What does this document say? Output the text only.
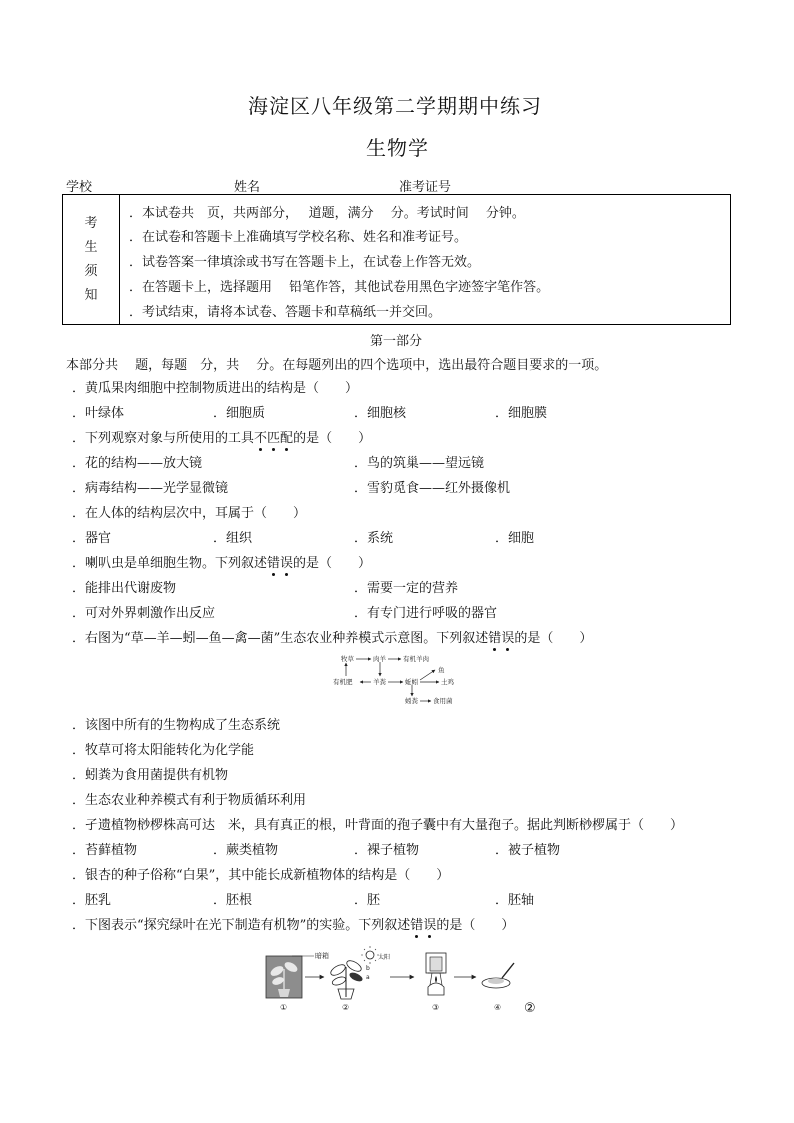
海淀区八年级第二学期期中练习
生物学
学校	姓名	准考证号
考
生
须
知
．本试卷共　页，共两部分，　 道题，满分　 分。考试时间　 分钟。
．在试卷和答题卡上准确填写学校名称、姓名和准考证号。
．试卷答案一律填涂或书写在答题卡上，在试卷上作答无效。
．在答题卡上，选择题用　 铅笔作答，其他试卷用黑色字迹签字笔作答。
．考试结束，请将本试卷、答题卡和草稿纸一并交回。
第一部分
本部分共　 题，每题　分，共　 分。在每题列出的四个选项中，选出最符合题目要求的一项。
．黄瓜果肉细胞中控制物质进出的结构是（　　）
．叶绿体	．细胞质	．细胞核	．细胞膜
．下列观察对象与所使用的工具不匹配的是（　　）
．花的结构——放大镜	．鸟的筑巢——望远镜
．病毒结构——光学显微镜	．雪豹觅食——红外摄像机
．在人体的结构层次中，耳属于（　　）
．器官	．组织	．系统	．细胞
．喇叭虫是单细胞生物。下列叙述错误的是（　　）
．能排出代谢废物	．需要一定的营养
．可对外界刺激作出反应	．有专门进行呼吸的器官
．右图为“草—羊—蚓—鱼—禽—菌”生态农业种养模式示意图。下列叙述错误的是（　　）
牧草	肉羊	有机羊肉
有机肥	羊粪	蚯蚓
鱼
土鸡
蚓粪 食用菌
．该图中所有的生物构成了生态系统
．牧草可将太阳能转化为化学能
．蚓粪为食用菌提供有机物
．生态农业种养模式有利于物质循环利用
．孑遗植物桫椤株高可达　米，具有真正的根，叶背面的孢子囊中有大量孢子。据此判断桫椤属于（　　）
．苔藓植物	．蕨类植物	．裸子植物	．被子植物
．银杏的种子俗称“白果”，其中能长成新植物体的结构是（　　）
．胚乳	．胚根	．胚	．胚轴
．下图表示“探究绿叶在光下制造有机物”的实验。下列叙述错误的是（　　）
暗箱	太阳
b
a
①	②	③	④ ②
